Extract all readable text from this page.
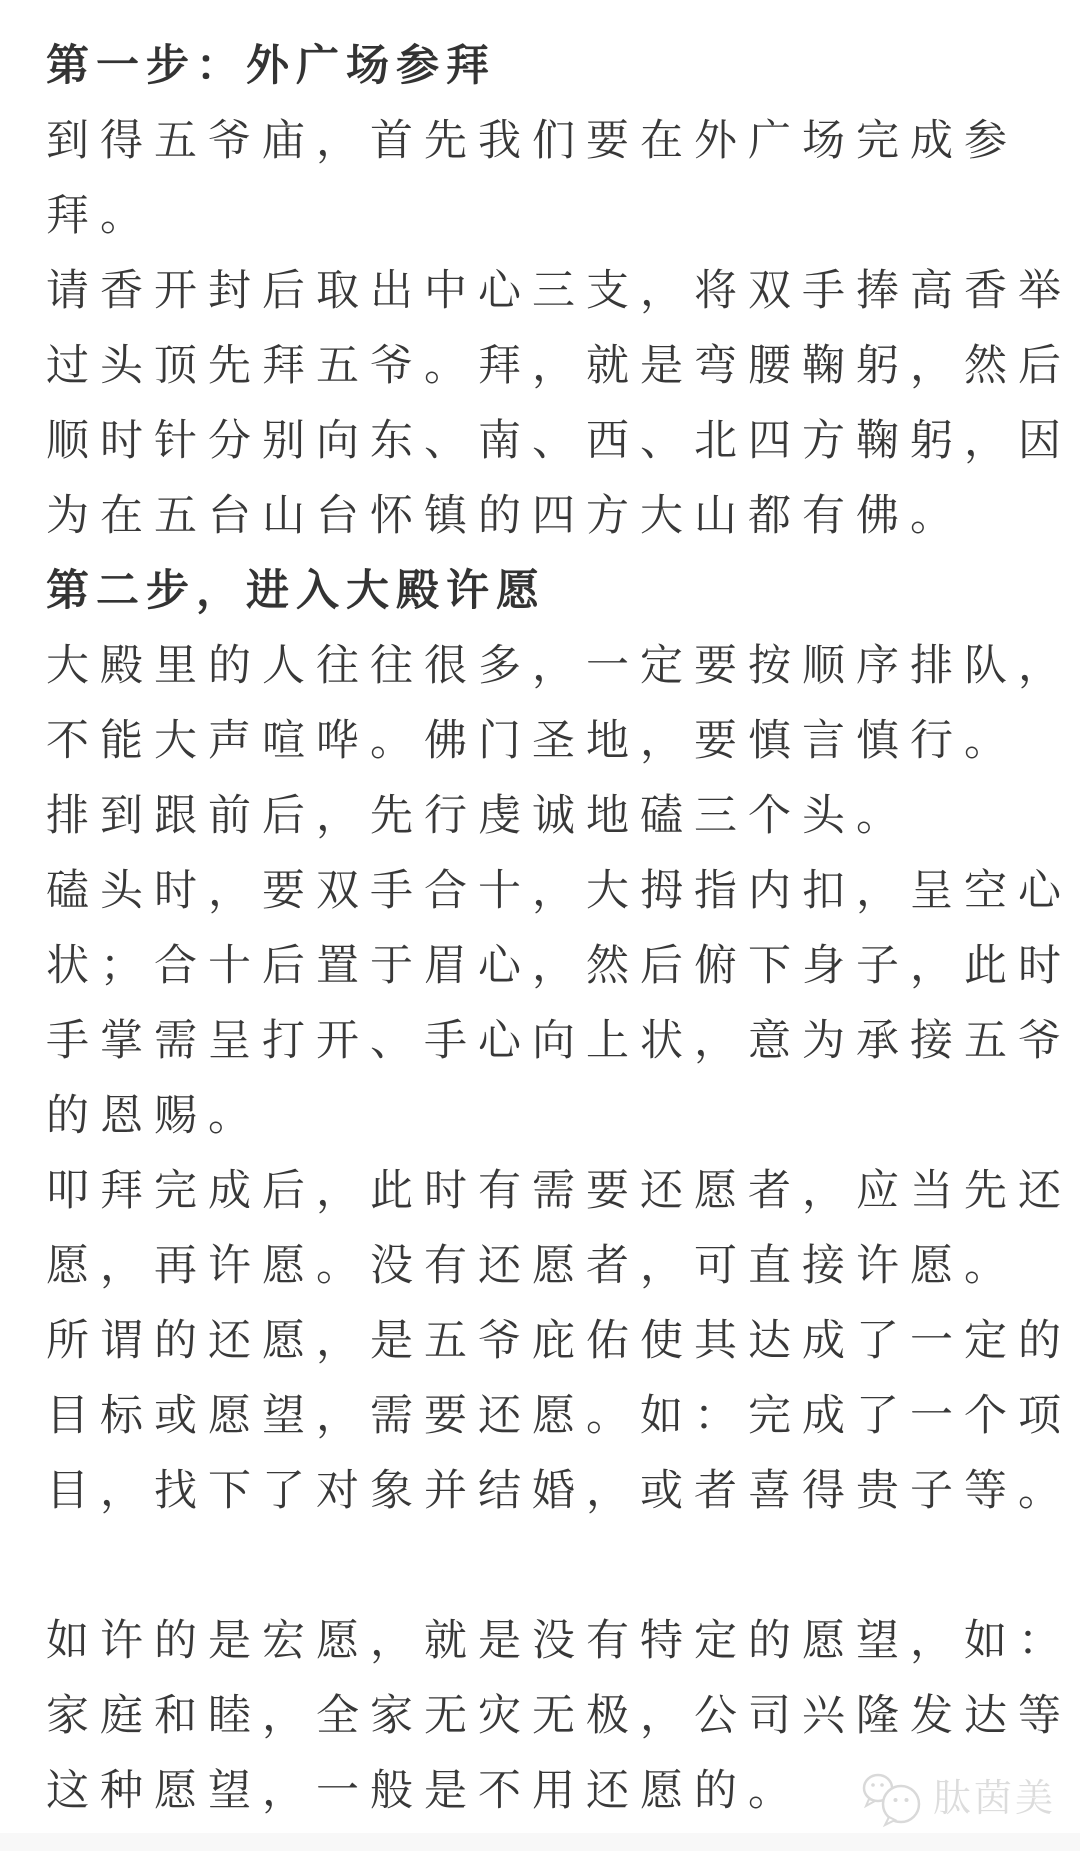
第一步：外广场参拜
到得五爷庙，首先我们要在外广场完成参
拜。
请香开封后取出中心三支，将双手捧高香举
过头顶先拜五爷。拜，就是弯腰鞠躬，然后
顺时针分别向东、南、西、北四方鞠躬，因
为在五台山台怀镇的四方大山都有佛。
第二步，进入大殿许愿
大殿里的人往往很多，一定要按顺序排队，
不能大声喧哗。佛门圣地，要慎言慎行。
排到跟前后，先行虔诚地磕三个头。
磕头时，要双手合十，大拇指内扣，呈空心
状；合十后置于眉心，然后俯下身子，此时
手掌需呈打开、手心向上状，意为承接五爷
的恩赐。
叩拜完成后，此时有需要还愿者，应当先还
愿，再许愿。没有还愿者，可直接许愿。
所谓的还愿，是五爷庇佑使其达成了一定的
目标或愿望，需要还愿。如：完成了一个项
目，找下了对象并结婚，或者喜得贵子等。
如许的是宏愿，就是没有特定的愿望，如：
家庭和睦，全家无灾无极，公司兴隆发达等
这种愿望，一般是不用还愿的。	肽茵美
